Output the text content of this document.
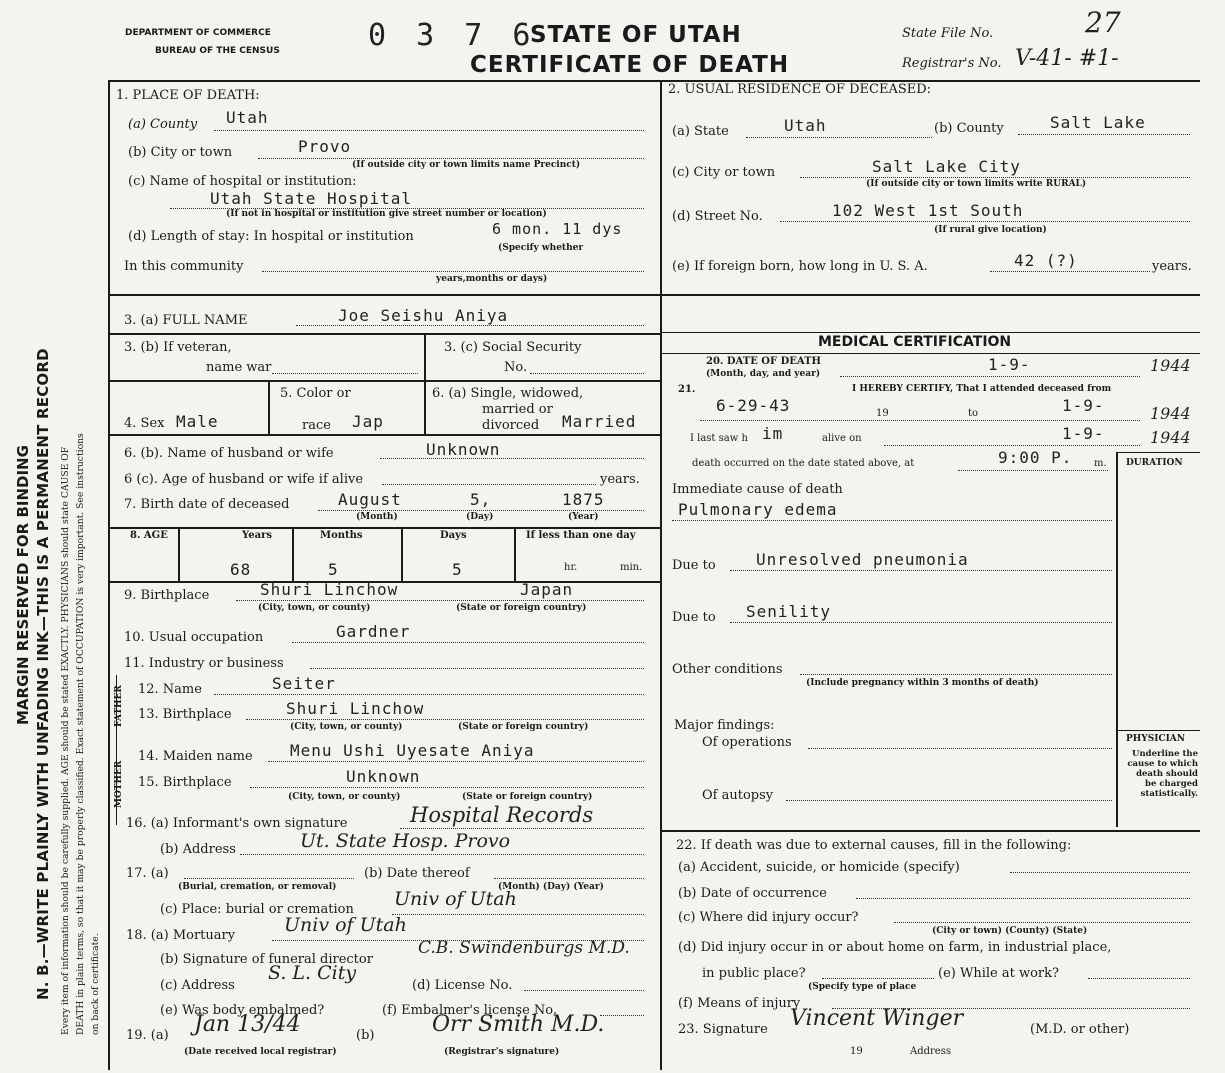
MARGIN RESERVED FOR BINDING N. B.—WRITE PLAINLY WITH UNFADING INK—THIS IS A PERMANENT RECORD Every item of information should be carefully supplied. AGE should be stated EXACTLY. PHYSICIANS should state CAUSE OF DEATH in plain terms, so that it may be properly classified. Exact statement of OCCUPATION is very important. See instructions on back of certificate.
DEPARTMENT OF COMMERCE
BUREAU OF THE CENSUS	0 3 7 6
STATE OF UTAH
CERTIFICATE OF DEATH
State File No.	27
Registrar's No. V-41- #1-
1. PLACE OF DEATH:
(a) County Utah
(b) City or town	Provo
(If outside city or town limits name Precinct)
(c) Name of hospital or institution:
Utah State Hospital
(If not in hospital or institution give street number or location)
(d) Length of stay: In hospital or institution	6 mon. 11 dys
(Specify whether
In this community
years,months or days)
2. USUAL RESIDENCE OF DECEASED:
(a) State	Utah	(b) County	Salt Lake
(c) City or town	Salt Lake City
(If outside city or town limits write RURAL)
(d) Street No.	102 West 1st South
(If rural give location)
(e) If foreign born, how long in U. S. A.	42 (?)	years.
3. (a) FULL NAME	Joe Seishu Aniya
3. (b) If veteran,
name war
3. (c) Social Security
No.
4. Sex Male
5. Color or
race Jap
6. (a) Single, widowed,
married or
divorced Married
6. (b). Name of husband or wife	Unknown
6 (c). Age of husband or wife if alive	years.
7. Birth date of deceased	August	5,	1875
(Month)	(Day)	(Year)
8. AGE	Years	Months	Days	If less than one day
68	5	5	hr.	min.
9. Birthplace	Shuri Linchow	Japan
(City, town, or county)	(State or foreign country)
10. Usual occupation	Gardner
11. Industry or business
FATHER
MOTHER
12. Name	Seiter
13. Birthplace	Shuri Linchow
(City, town, or county)	(State or foreign country)
14. Maiden name Menu Ushi Uyesate Aniya
15. Birthplace	Unknown
(City, town, or county)	(State or foreign country)
16. (a) Informant's own signature	Hospital Records
(b) Address	Ut. State Hosp. Provo
17. (a)
(Burial, cremation, or removal)
(b) Date thereof
(Month) (Day) (Year)
(c) Place: burial or cremation Univ of Utah
18. (a) Mortuary	Univ of Utah
(b) Signature of funeral director
C.B. Swindenburgs M.D.
(c) Address
S. L. City
(d) License No.
(e) Was body embalmed?	(f) Embalmer's license No.
19. (a) Jan 13/44
(Date received local registrar)
(b)	Orr Smith M.D.
(Registrar's signature)
MEDICAL CERTIFICATION
20. DATE OF DEATH
(Month, day, and year)	1-9-	1944
21.	I HEREBY CERTIFY, That I attended deceased from
6-29-43	19	to	1-9-	1944
I last saw h im	alive on	1-9-	1944
death occurred on the date stated above, at	9:00 P. m. DURATION
Immediate cause of death
Pulmonary edema
Due to	Unresolved pneumonia
Due to Senility
Other conditions
(Include pregnancy within 3 months of death)
Major findings:
Of operations
Of autopsy
PHYSICIAN
Underline the cause to which death should be charged statistically.
22. If death was due to external causes, fill in the following:
(a) Accident, suicide, or homicide (specify)
(b) Date of occurrence
(c) Where did injury occur?
(City or town) (County) (State)
(d) Did injury occur in or about home on farm, in industrial place,
in public place?	(e) While at work?
(Specify type of place
(f) Means of injury
23. Signature Vincent Winger	(M.D. or other)
19	Address
